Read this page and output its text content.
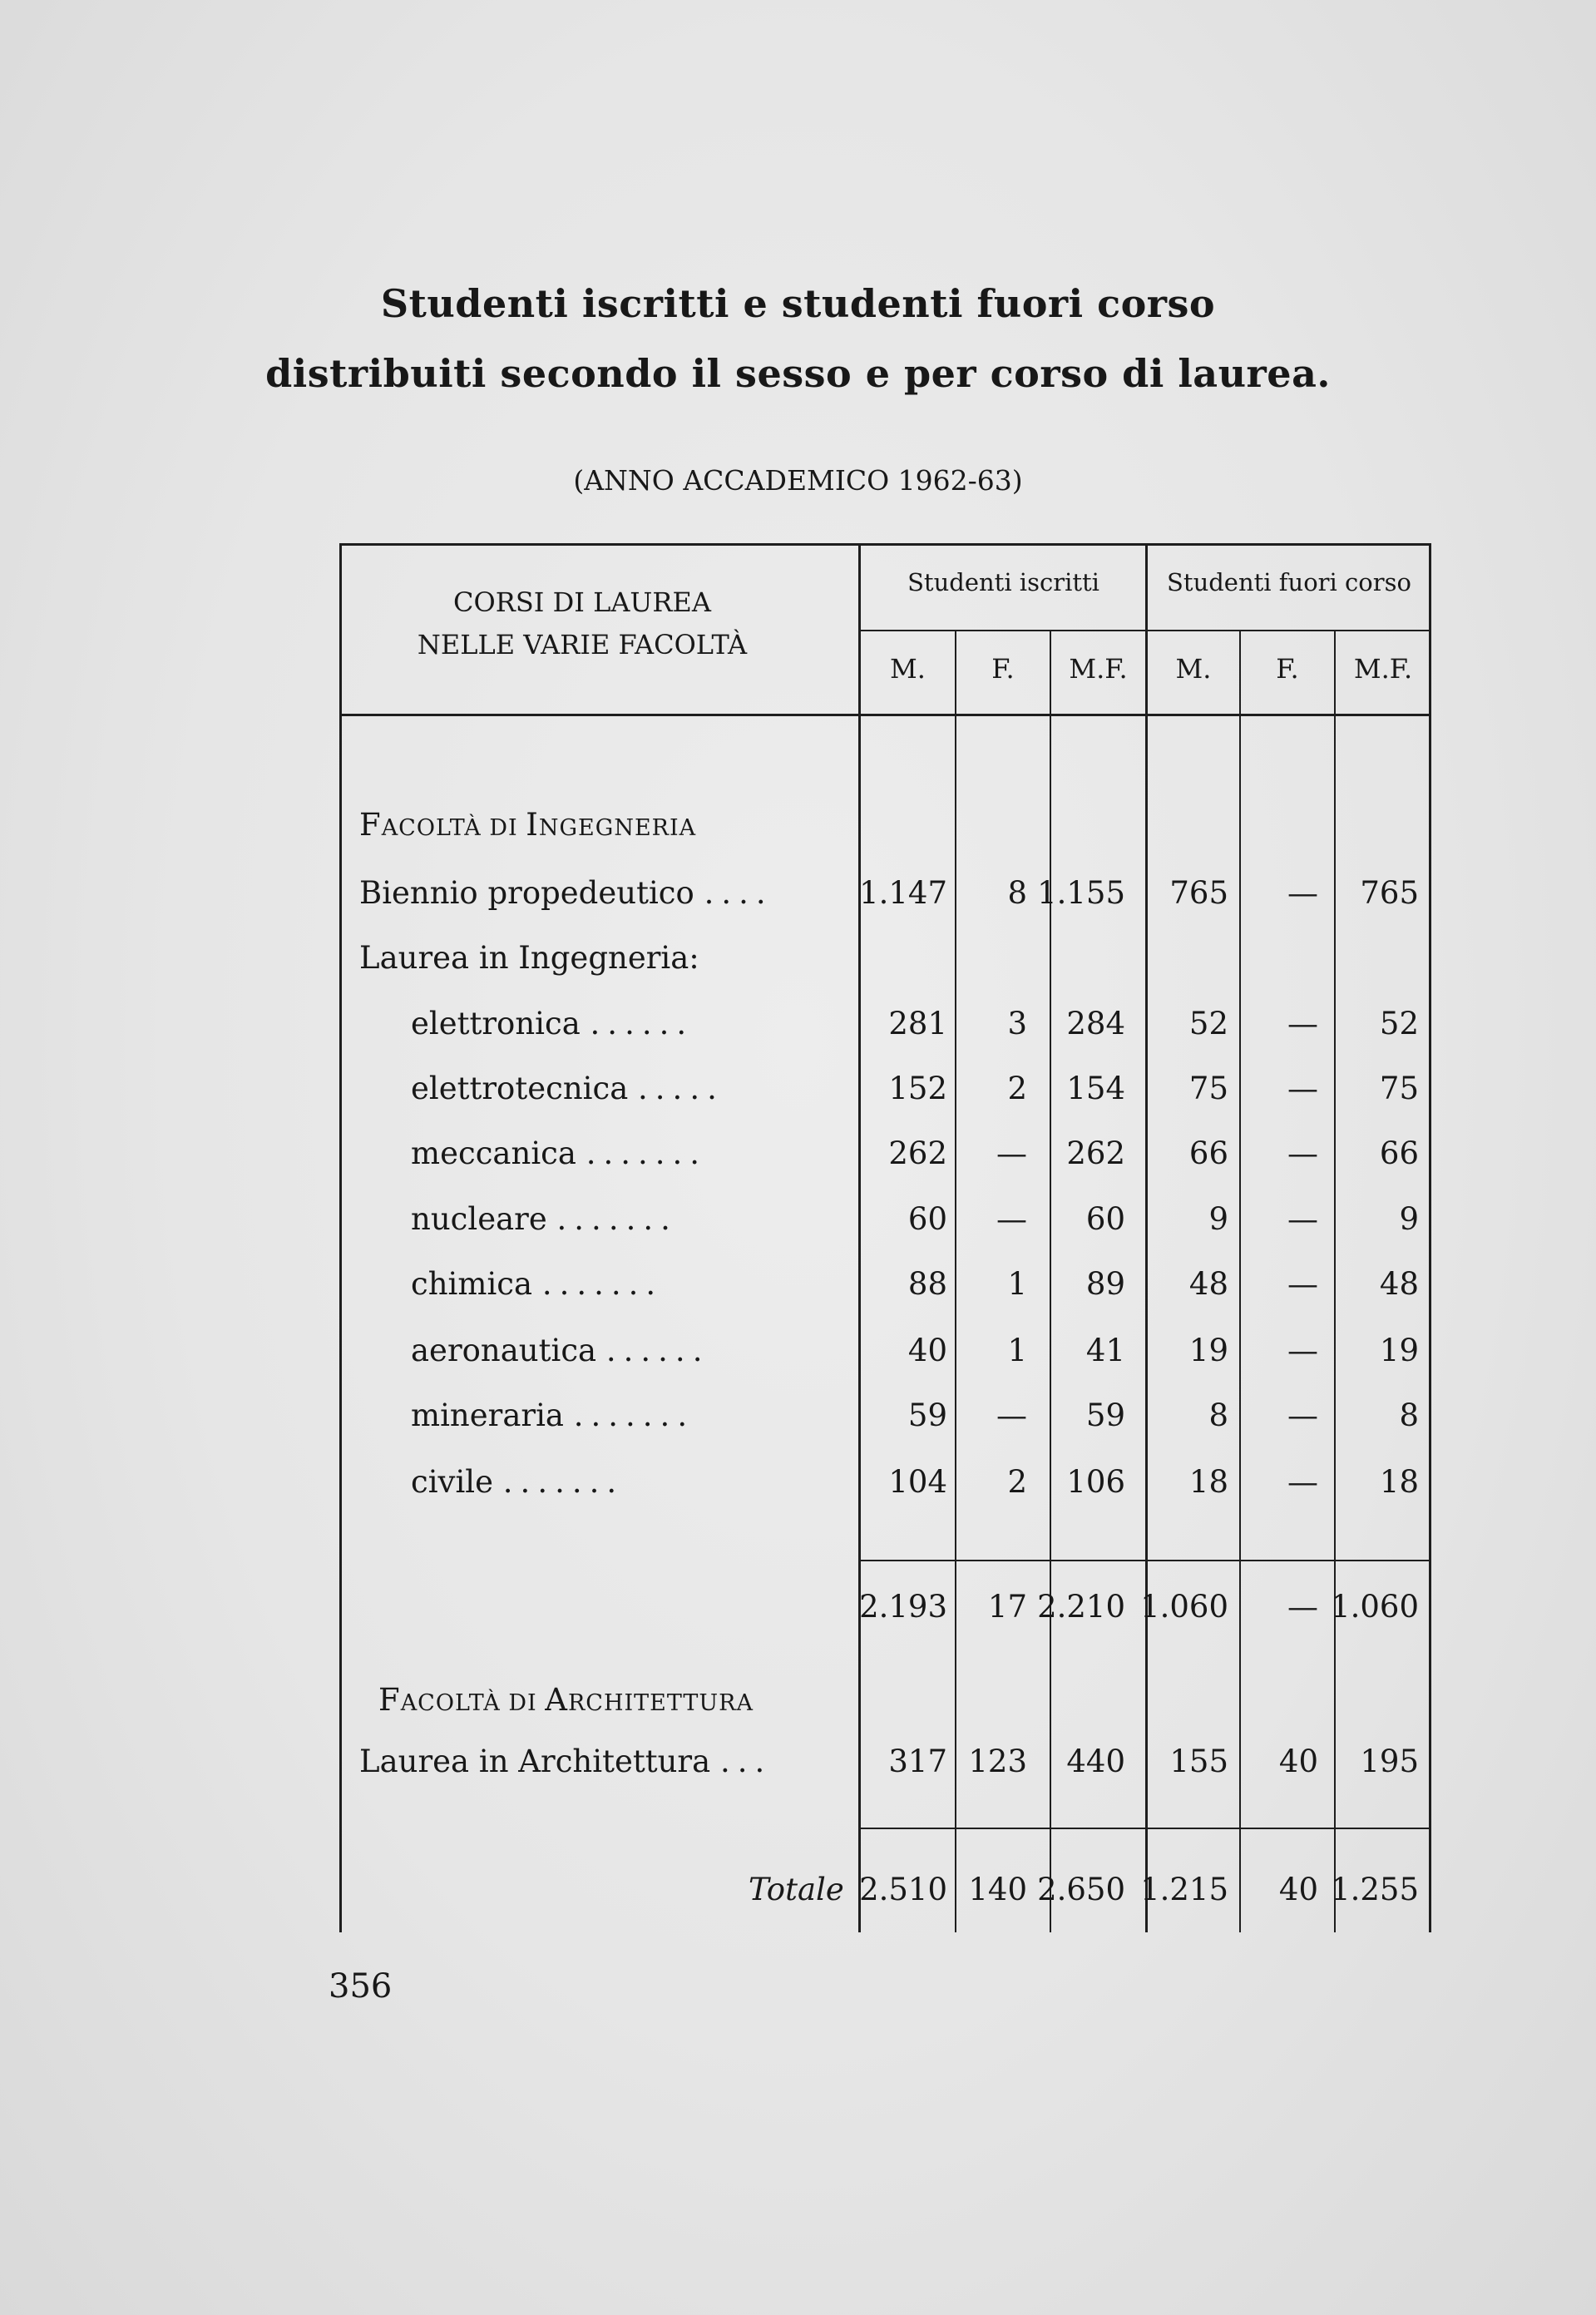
Studenti iscritti e studenti fuori corso
distribuiti secondo il sesso e per corso di laurea.
(ANNO ACCADEMICO 1962-63)
CORSI DI LAUREA
NELLE VARIE FACOLTÀ
Studenti iscritti	Studenti fuori corso
M.	F.	M.F.	M.	F.	M.F.
FACOLTÀ DI INGEGNERIA
Biennio propedeutico ....	1.147 8 1.155 765 — 765
Laurea in Ingegneria:
elettronica ......	281 3 284 52 — 52
elettrotecnica .....	152 2 154 75 — 75
meccanica .......	262 — 262 66 — 66
nucleare .......	60 — 60	9 —	9
chimica .......	88 1 89 48 — 48
aeronautica ......	40 1 41 19 — 19
mineraria .......	59 — 59	8 —	8
civile .......	104 2 106 18 — 18
2.193 17 2.210 1.060 — 1.060
FACOLTÀ DI ARCHITETTURA
Laurea in Architettura ...	317 123 440 155 40 195
Totale 2.510 140 2.650 1.215 40 1.255
356
